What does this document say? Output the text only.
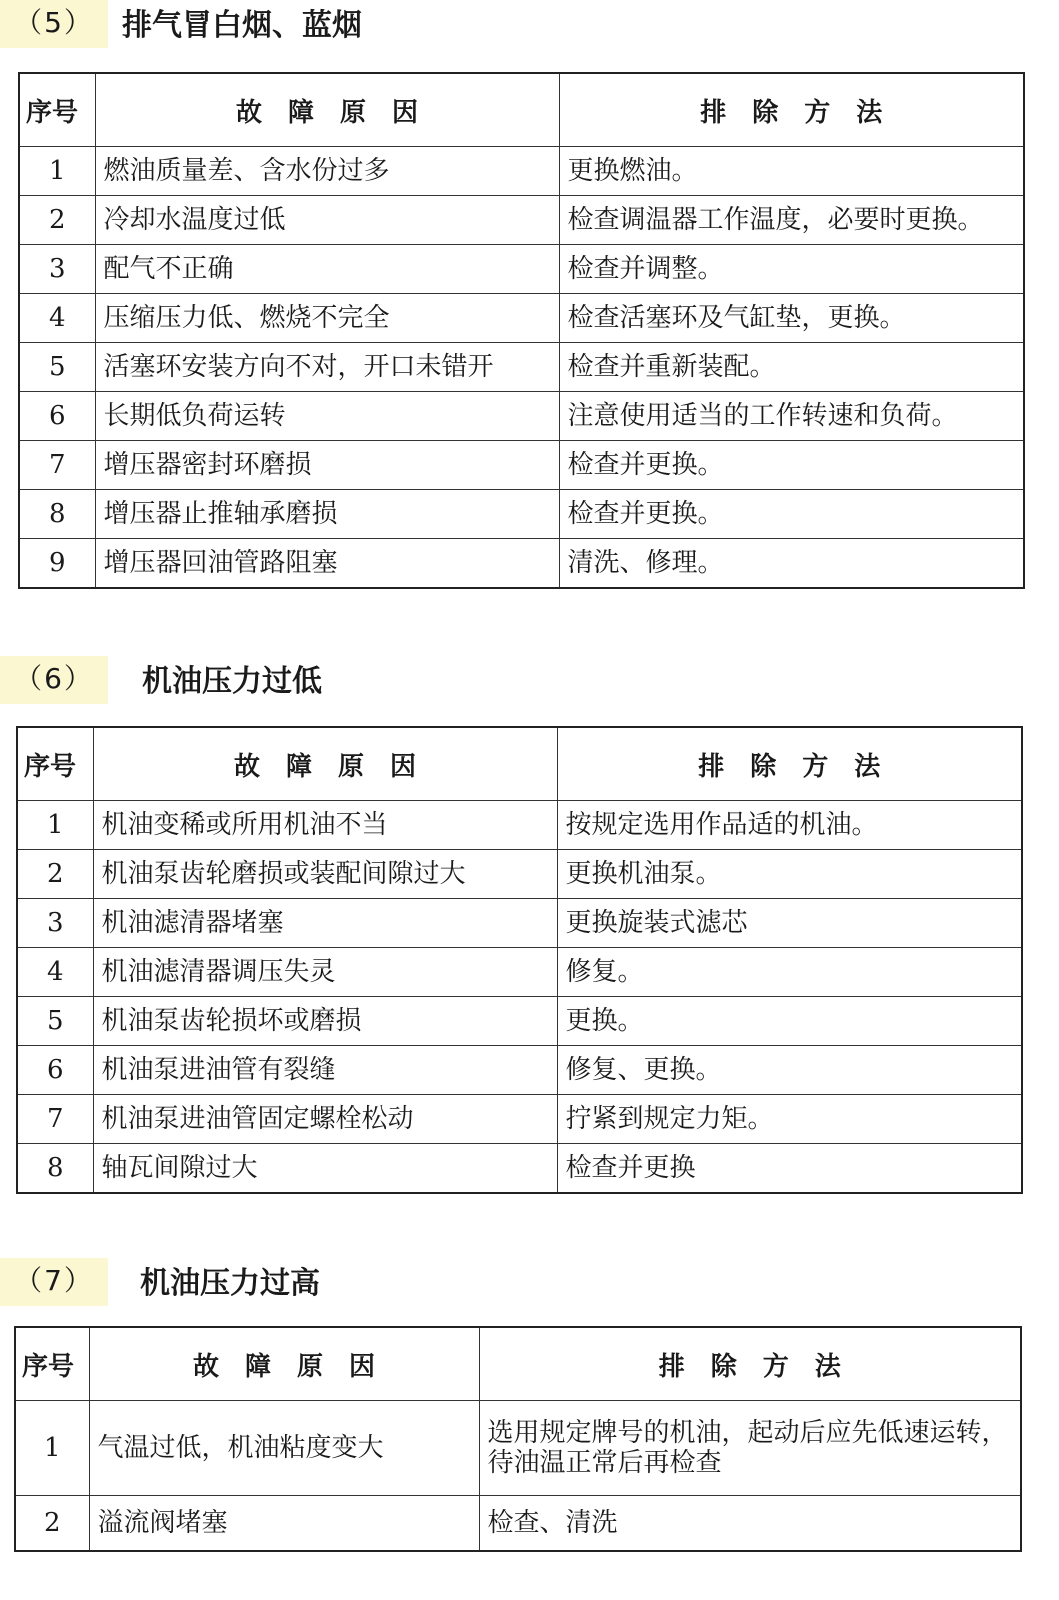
（5） 排气冒白烟、蓝烟
序号	故　障　原　因	排　除　方　法
1	燃油质量差、含水份过多	更换燃油。
2	冷却水温度过低	检查调温器工作温度，必要时更换。
3	配气不正确	检查并调整。
4	压缩压力低、燃烧不完全	检查活塞环及气缸垫，更换。
5	活塞环安装方向不对，开口未错开	检查并重新装配。
6	长期低负荷运转	注意使用适当的工作转速和负荷。
7	增压器密封环磨损	检查并更换。
8	增压器止推轴承磨损	检查并更换。
9	增压器回油管路阻塞	清洗、修理。
（6）	机油压力过低
序号	故　障　原　因	排　除　方　法
1	机油变稀或所用机油不当	按规定选用作品适的机油。
2	机油泵齿轮磨损或装配间隙过大	更换机油泵。
3	机油滤清器堵塞	更换旋装式滤芯
4	机油滤清器调压失灵	修复。
5	机油泵齿轮损坏或磨损	更换。
6	机油泵进油管有裂缝	修复、更换。
7	机油泵进油管固定螺栓松动	拧紧到规定力矩。
8	轴瓦间隙过大	检查并更换
（7）	机油压力过高
序号	故　障　原　因	排　除　方　法
1	气温过低，机油粘度变大	选用规定牌号的机油，起动后应先低速运转，待油温正常后再检查
2	溢流阀堵塞	检查、清洗
